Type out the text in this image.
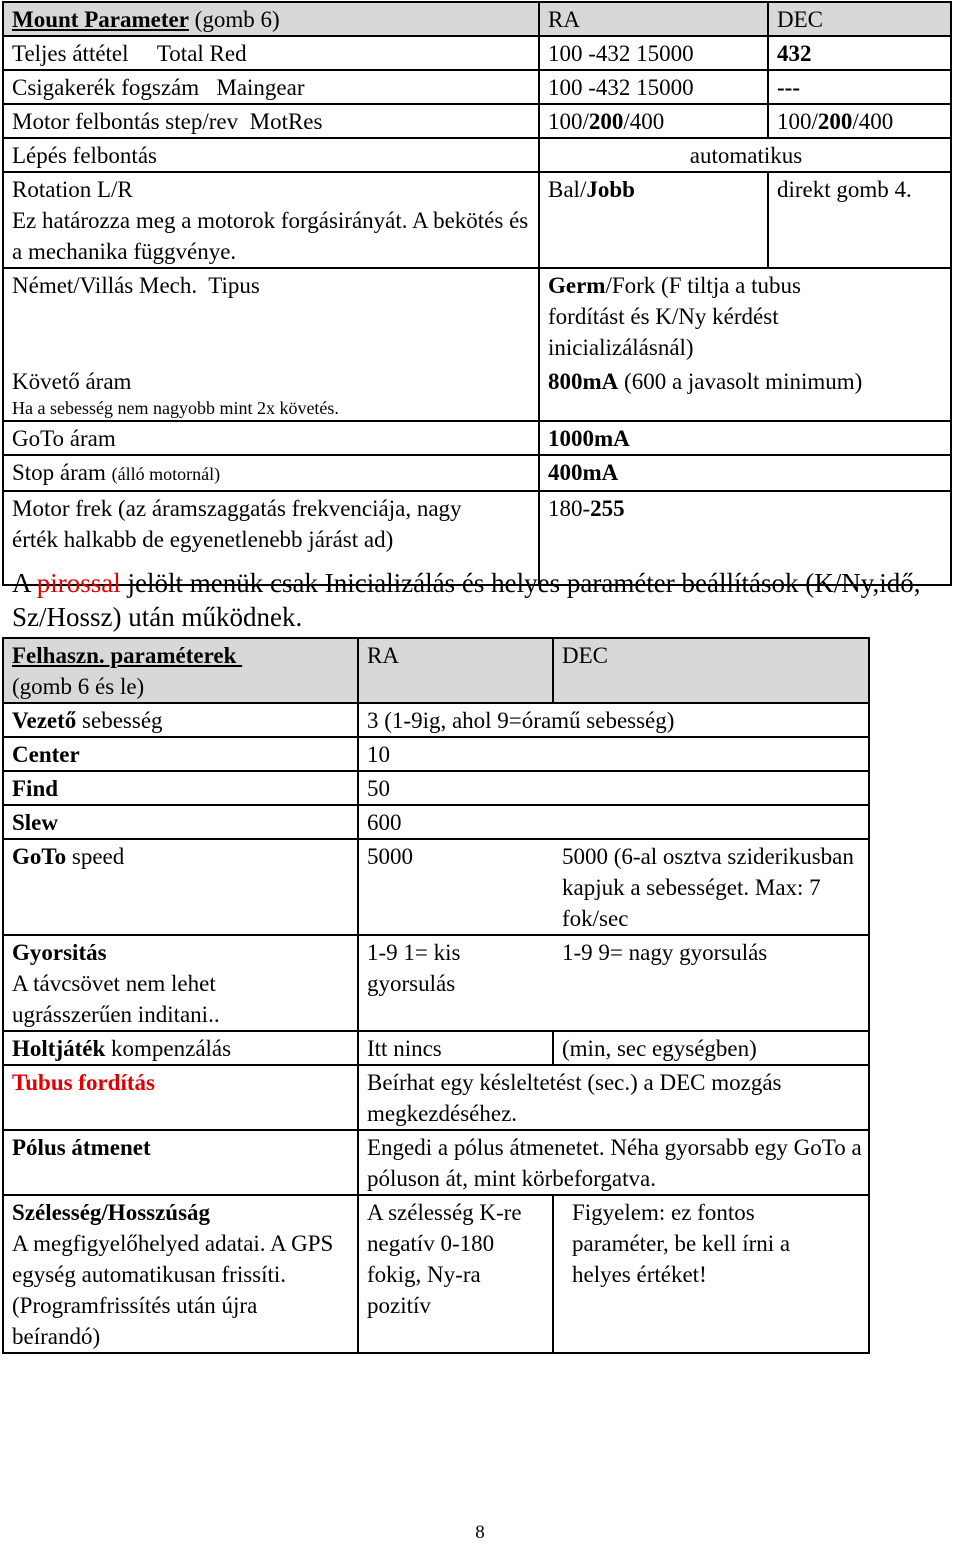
Mount Parameter (gomb 6)	RA	DEC
Teljes áttétel     Total Red	100 -432 15000	432
Csigakerék fogszám   Maingear	100 -432 15000	---
Motor felbontás step/rev  MotRes	100/200/400	100/200/400
Lépés felbontás	automatikus	

Rotation L/R
Ez határozza meg a motorok forgásirányát. A bekötés és a mechanika függvénye.	Bal/Jobb	direkt gomb 4.
Német/Villás Mech.  Tipus	Germ/Fork (F tiltja a tubus fordítást és K/Ny kérdést inicializálásnál)	

Követő áram
Ha a sebesség nem nagyobb mint 2x követés.	800mA (600 a javasolt minimum)	
GoTo áram	1000mA	
Stop áram (álló motornál)	400mA	
Motor frek (az áramszaggatás frekvenciája, nagy érték halkabb de egyenetlenebb járást ad)	180-255	
A pirossal jelölt menük csak Inicializálás és helyes paraméter beállítások (K/Ny,idő, Sz/Hossz) után működnek.
Felhaszn. paraméterek
(gomb 6 és le)	RA	DEC
Vezető sebesség	3 (1-9ig, ahol 9=óramű sebesség)	
Center	10	
Find	50	
Slew	600	
GoTo speed	5000	5000 (6-al osztva sziderikusban kapjuk a sebességet. Max: 7 fok/sec

Gyorsitás
A távcsövet nem lehet ugrásszerűen inditani..	1-9 1= kis gyorsulás	1-9 9= nagy gyorsulás
Holtjáték kompenzálás	Itt nincs	(min, sec egységben)
Tubus fordítás	Beírhat egy késleltetést (sec.) a DEC mozgás megkezdéséhez.	
Pólus átmenet	Engedi a pólus átmenetet. Néha gyorsabb egy GoTo a póluson át, mint körbeforgatva.	

Szélesség/Hosszúság
A megfigyelőhelyed adatai. A GPS egység automatikusan frissíti. (Programfrissítés után újra beírandó)	A szélesség K-re negatív 0-180 fokig, Ny-ra pozitív	Figyelem: ez fontos paraméter, be kell írni a helyes értéket!
8
